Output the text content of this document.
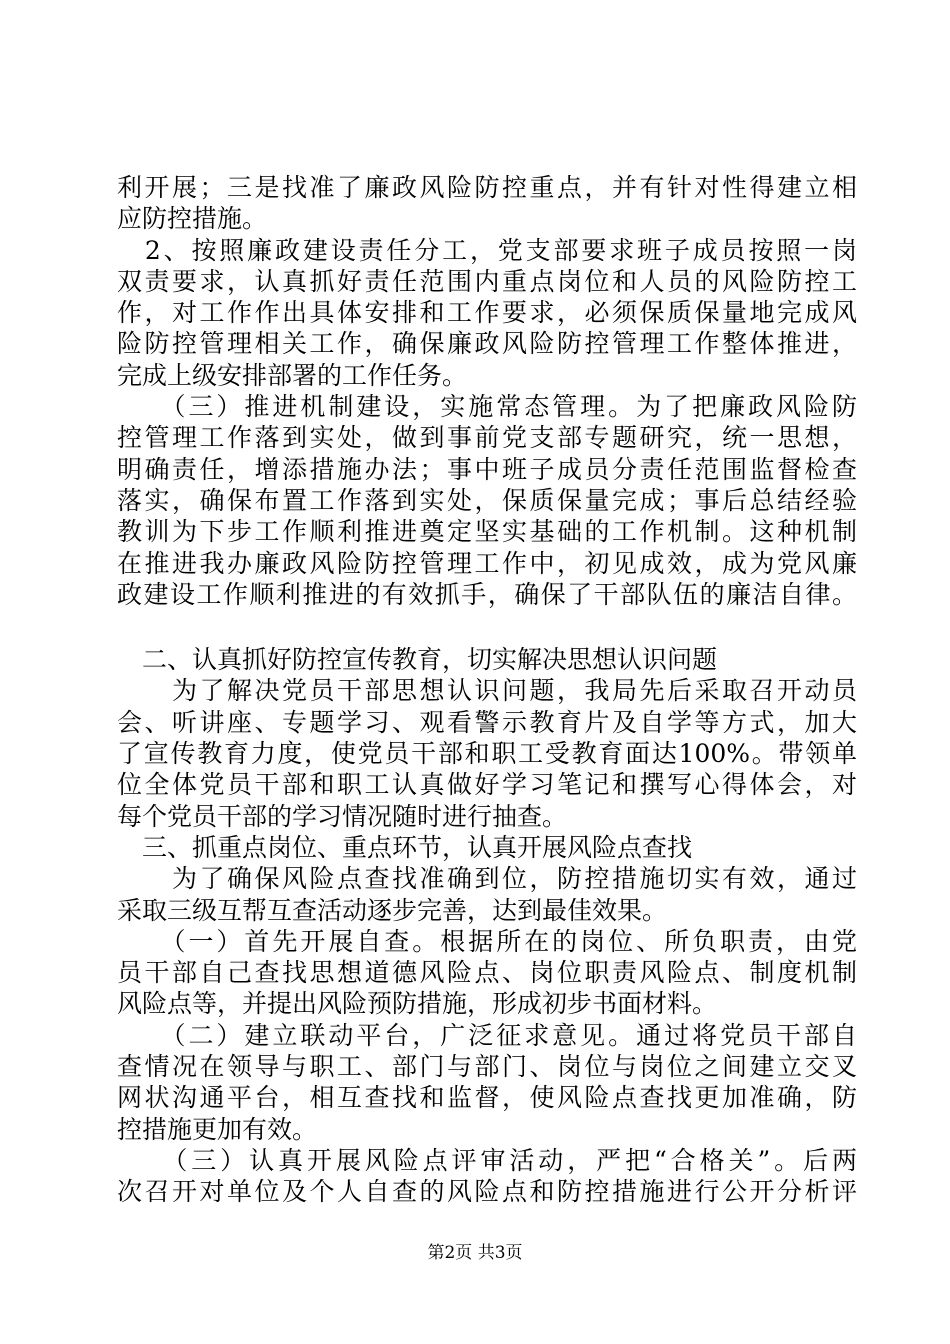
利开展；三是找准了廉政风险防控重点，并有针对性得建立相
应防控措施。
　2、按照廉政建设责任分工，党支部要求班子成员按照一岗
双责要求，认真抓好责任范围内重点岗位和人员的风险防控工
作，对工作作出具体安排和工作要求，必须保质保量地完成风
险防控管理相关工作，确保廉政风险防控管理工作整体推进，
完成上级安排部署的工作任务。
　　（三）推进机制建设，实施常态管理。为了把廉政风险防
控管理工作落到实处，做到事前党支部专题研究，统一思想，
明确责任，增添措施办法；事中班子成员分责任范围监督检查
落实，确保布置工作落到实处，保质保量完成；事后总结经验
教训为下步工作顺利推进奠定坚实基础的工作机制。这种机制
在推进我办廉政风险防控管理工作中，初见成效，成为党风廉
政建设工作顺利推进的有效抓手，确保了干部队伍的廉洁自律。
　二、认真抓好防控宣传教育，切实解决思想认识问题
　　为了解决党员干部思想认识问题，我局先后采取召开动员
会、听讲座、专题学习、观看警示教育片及自学等方式，加大
了宣传教育力度，使党员干部和职工受教育面达100%。带领单
位全体党员干部和职工认真做好学习笔记和撰写心得体会，对
每个党员干部的学习情况随时进行抽查。
　三、抓重点岗位、重点环节，认真开展风险点查找
　　为了确保风险点查找准确到位，防控措施切实有效，通过
采取三级互帮互查活动逐步完善，达到最佳效果。
　　（一）首先开展自查。根据所在的岗位、所负职责，由党
员干部自己查找思想道德风险点、岗位职责风险点、制度机制
风险点等，并提出风险预防措施，形成初步书面材料。
　　（二）建立联动平台，广泛征求意见。通过将党员干部自
查情况在领导与职工、部门与部门、岗位与岗位之间建立交叉
网状沟通平台，相互查找和监督，使风险点查找更加准确，防
控措施更加有效。
　　（三）认真开展风险点评审活动，严把“合格关”。后两
次召开对单位及个人自查的风险点和防控措施进行公开分析评
第2页 共3页
